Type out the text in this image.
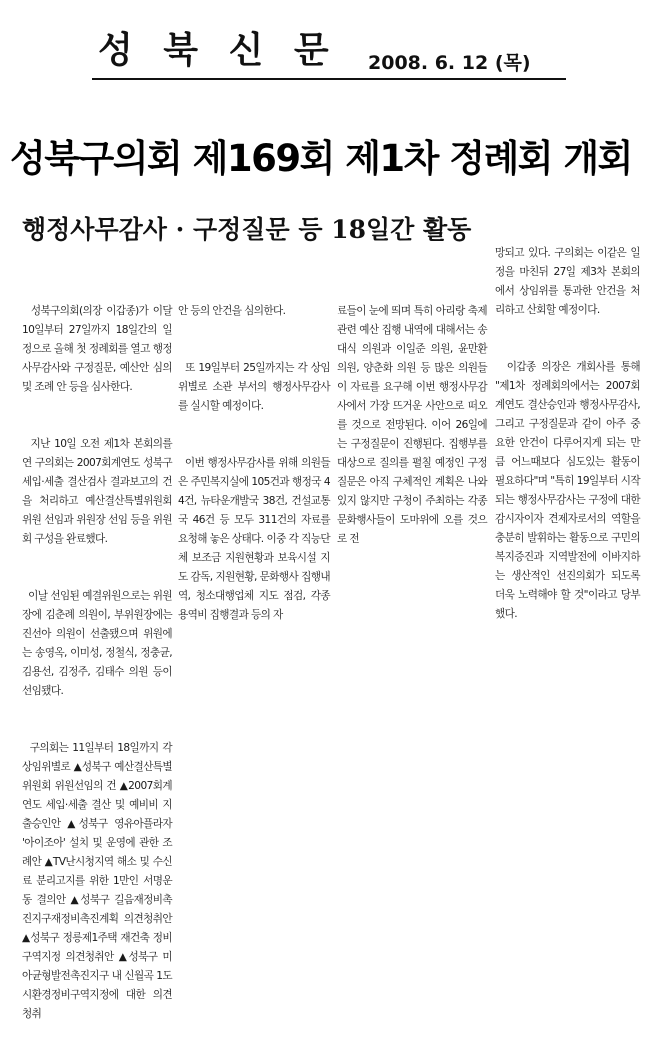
성 북 신 문 2008. 6. 12 (목)
성북구의회 제169회 제1차 정례회 개회
행정사무감사 · 구정질문 등 18일간 활동

성북구의회(의장 이갑종)가 이달 10일부터 27일까지 18일간의 일정으로 올해 첫 정례회를 열고 행정사무감사와 구정질문, 예산안 심의 및 조례 안 등을 심사한다.

지난 10일 오전 제1차 본회의를 연 구의회는 2007회계연도 성북구 세입·세출 결산검사 결과보고의 건을 처리하고 예산결산특별위원회 위원 선임과 위원장 선임 등을 위원회 구성을 완료했다.

이날 선임된 예결위원으로는 위원장에 김춘례 의원이, 부위원장에는 진선아 의원이 선출됐으며 위원에는 송영옥, 이미성, 정철식, 정충균, 김용선, 김정주, 김태수 의원 등이 선임됐다.

구의회는 11일부터 18일까지 각 상임위별로 ▲성북구 예산결산특별위원회 위원선임의 건 ▲2007회계연도 세입·세출 결산 및 예비비 지출승인안 ▲성북구 영유아플라자 '아이조아' 설치 및 운영에 관한 조례안 ▲TV난시청지역 해소 및 수신료 분리고지를 위한 1만인 서명운동 결의안 ▲성북구 길음재정비촉진지구재정비촉진계획 의견청취안 ▲성북구 정릉제1주택 재건축 정비구역지정 의견청취안 ▲성북구 미아균형발전촉진지구 내 신월곡 1도시환경정비구역지정에 대한 의견청취

안 등의 안건을 심의한다.

또 19일부터 25일까지는 각 상임위별로 소관 부서의 행정사무감사를 실시할 예정이다.

이번 행정사무감사를 위해 의원들은 주민복지실에 105건과 행정국 44건, 뉴타운개발국 38건, 건설교통국 46건 등 모두 311건의 자료를 요청해 놓은 상태다. 이중 각 직능단체 보조금 지원현황과 보육시설 지도 감독, 지원현황, 문화행사 집행내역, 청소대행업체 지도 점검, 각종 용역비 집행결과 등의 자

료들이 눈에 띄며 특히 아리랑 축제 관련 예산 집행 내역에 대해서는 송대식 의원과 이일준 의원, 윤만환 의원, 양춘화 의원 등 많은 의원들이 자료를 요구해 이번 행정사무감사에서 가장 뜨거운 사안으로 떠오를 것으로 전망된다. 이어 26일에는 구정질문이 진행된다. 집행부를 대상으로 질의를 펼칠 예정인 구정질문은 아직 구체적인 계획은 나와있지 않지만 구청이 주최하는 각종 문화행사들이 도마위에 오를 것으로 전

망되고 있다. 구의회는 이같은 일정을 마친뒤 27일 제3차 본회의에서 상임위를 통과한 안건을 처리하고 산회할 예정이다.

이갑종 의장은 개회사를 통해 "제1차 정례회의에서는 2007회계연도 결산승인과 행정사무감사, 그리고 구정질문과 같이 아주 중요한 안건이 다루어지게 되는 만큼 어느때보다 심도있는 활동이 필요하다"며 "특히 19일부터 시작되는 행정사무감사는 구정에 대한 감시자이자 견제자로서의 역할을 충분히 발휘하는 활동으로 구민의 복지증진과 지역발전에 이바지하는 생산적인 선진의회가 되도록 더욱 노력해야 할 것"이라고 당부했다.
